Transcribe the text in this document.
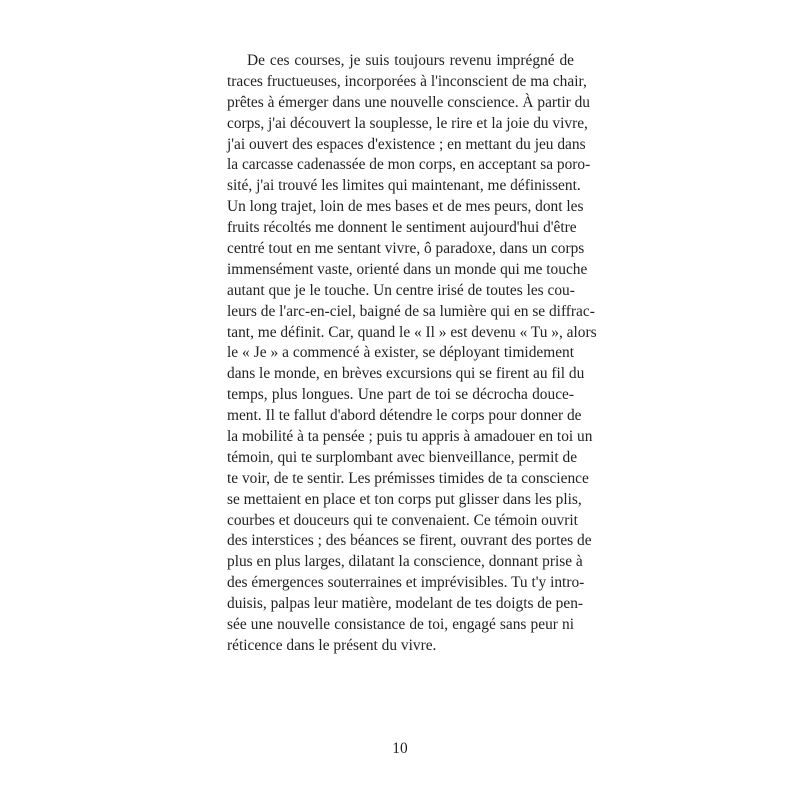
De ces courses, je suis toujours revenu imprégné de
traces fructueuses, incorporées à l'inconscient de ma chair,
prêtes à émerger dans une nouvelle conscience. À partir du
corps, j'ai découvert la souplesse, le rire et la joie du vivre,
j'ai ouvert des espaces d'existence ; en mettant du jeu dans
la carcasse cadenassée de mon corps, en acceptant sa poro-
sité, j'ai trouvé les limites qui maintenant, me définissent.
Un long trajet, loin de mes bases et de mes peurs, dont les
fruits récoltés me donnent le sentiment aujourd'hui d'être
centré tout en me sentant vivre, ô paradoxe, dans un corps
immensément vaste, orienté dans un monde qui me touche
autant que je le touche. Un centre irisé de toutes les cou-
leurs de l'arc-en-ciel, baigné de sa lumière qui en se diffrac-
tant, me définit. Car, quand le « Il » est devenu « Tu », alors
le « Je » a commencé à exister, se déployant timidement
dans le monde, en brèves excursions qui se firent au fil du
temps, plus longues. Une part de toi se décrocha douce-
ment. Il te fallut d'abord détendre le corps pour donner de
la mobilité à ta pensée ; puis tu appris à amadouer en toi un
témoin, qui te surplombant avec bienveillance, permit de
te voir, de te sentir. Les prémisses timides de ta conscience
se mettaient en place et ton corps put glisser dans les plis,
courbes et douceurs qui te convenaient. Ce témoin ouvrit
des interstices ; des béances se firent, ouvrant des portes de
plus en plus larges, dilatant la conscience, donnant prise à
des émergences souterraines et imprévisibles. Tu t'y intro-
duisis, palpas leur matière, modelant de tes doigts de pen-
sée une nouvelle consistance de toi, engagé sans peur ni
réticence dans le présent du vivre.
10
